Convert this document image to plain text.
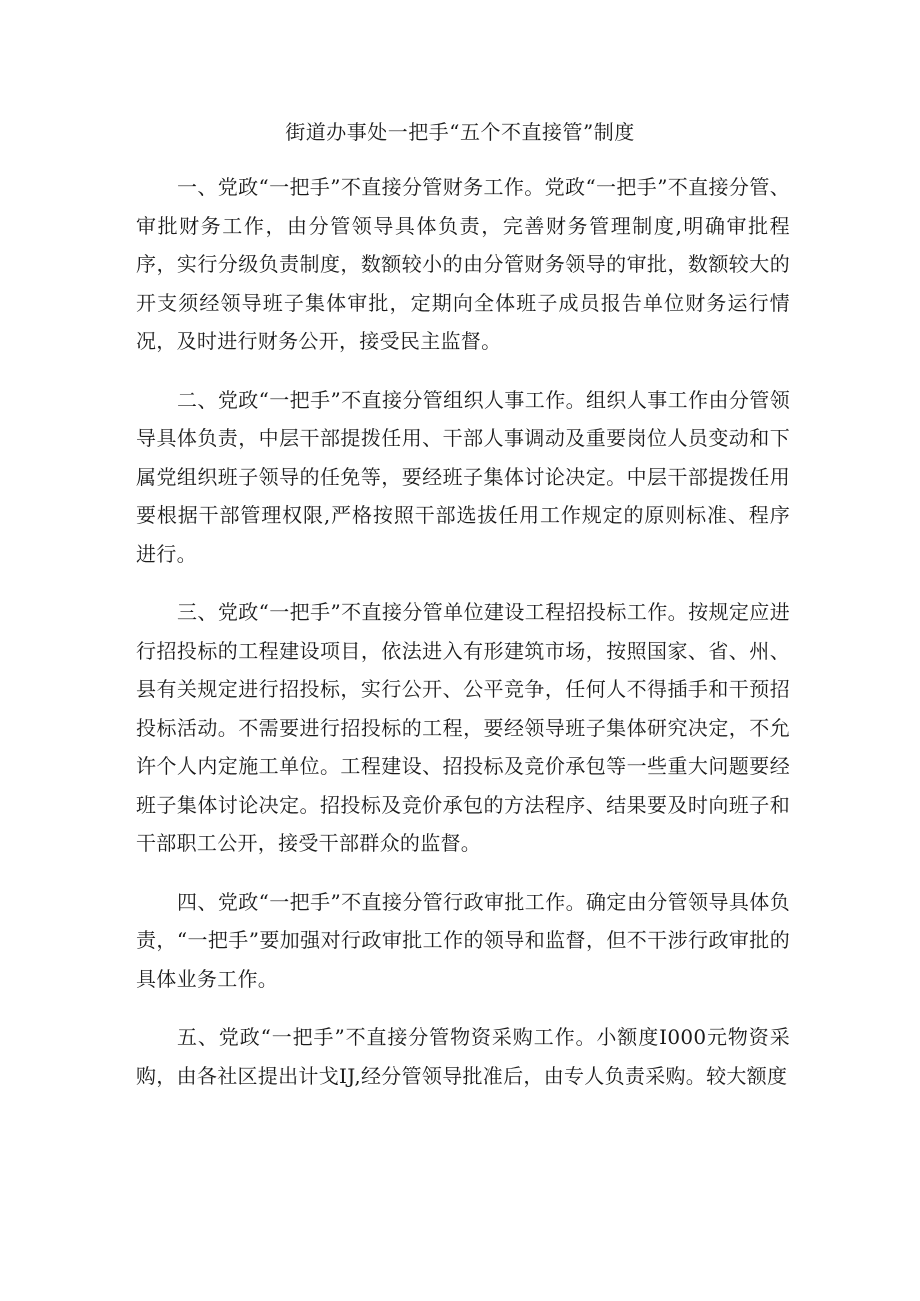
街道办事处一把手“五个不直接管”制度

一、党政“一把手”不直接分管财务工作。党政“一把手”不直接分管、审批财务工作，由分管领导具体负责，完善财务管理制度,明确审批程序，实行分级负责制度，数额较小的由分管财务领导的审批，数额较大的开支须经领导班子集体审批，定期向全体班子成员报告单位财务运行情况，及时进行财务公开，接受民主监督。

二、党政“一把手”不直接分管组织人事工作。组织人事工作由分管领导具体负责，中层干部提拨任用、干部人事调动及重要岗位人员变动和下属党组织班子领导的任免等，要经班子集体讨论决定。中层干部提拨任用要根据干部管理权限,严格按照干部选拔任用工作规定的原则标准、程序进行。

三、党政“一把手”不直接分管单位建设工程招投标工作。按规定应进行招投标的工程建设项目，依法进入有形建筑市场，按照国家、省、州、县有关规定进行招投标，实行公开、公平竞争，任何人不得插手和干预招投标活动。不需要进行招投标的工程，要经领导班子集体研究决定，不允许个人内定施工单位。工程建设、招投标及竞价承包等一些重大问题要经班子集体讨论决定。招投标及竞价承包的方法程序、结果要及时向班子和干部职工公开，接受干部群众的监督。

四、党政“一把手”不直接分管行政审批工作。确定由分管领导具体负责，“一把手”要加强对行政审批工作的领导和监督，但不干涉行政审批的具体业务工作。

五、党政“一把手”不直接分管物资采购工作。小额度I000元物资采购，由各社区提出计戈IJ,经分管领导批准后，由专人负责采购。较大额度
